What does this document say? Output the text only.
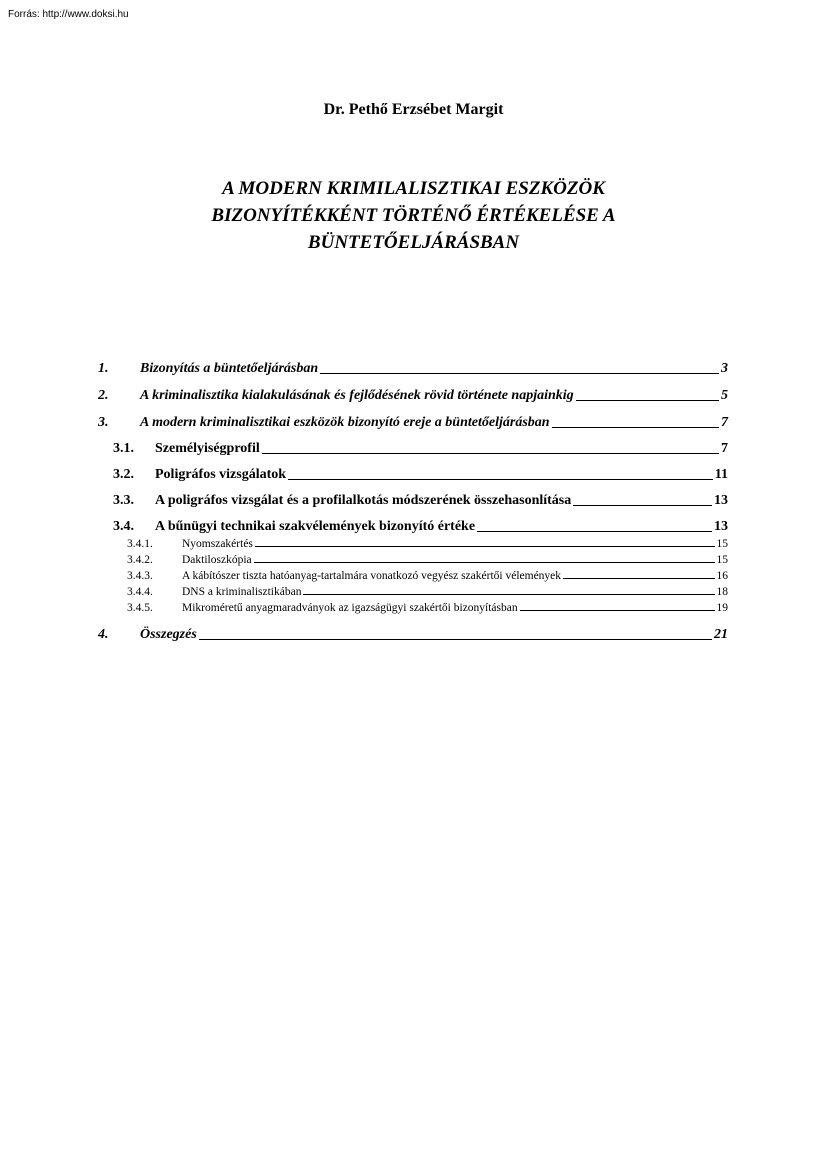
Forrás: http://www.doksi.hu
Dr. Pethő Erzsébet Margit
A MODERN KRIMILALISZTIKAI ESZKÖZÖK
BIZONYÍTÉKKÉNT TÖRTÉNŐ ÉRTÉKELÉSE A
BÜNTETŐELJÁRÁSBAN
1. Bizonyítás a büntetőeljárásban	3
2. A kriminalisztika kialakulásának és fejlődésének rövid története napjainkig	5
3. A modern kriminalisztikai eszközök bizonyító ereje a büntetőeljárásban	7
3.1. Személyiségprofil	7
3.2. Poligráfos vizsgálatok	11
3.3. A poligráfos vizsgálat és a profilalkotás módszerének összehasonlítása	13
3.4. A bűnügyi technikai szakvélemények bizonyító értéke	13
3.4.1.	Nyomszakértés	15
3.4.2.	Daktiloszkópia	15
3.4.3.	A kábítószer tiszta hatóanyag-tartalmára vonatkozó vegyész szakértői vélemények	16
3.4.4.	DNS a kriminalisztikában	18
3.4.5.	Mikroméretű anyagmaradványok az igazságügyi szakértői bizonyításban	19
4. Összegzés	21
